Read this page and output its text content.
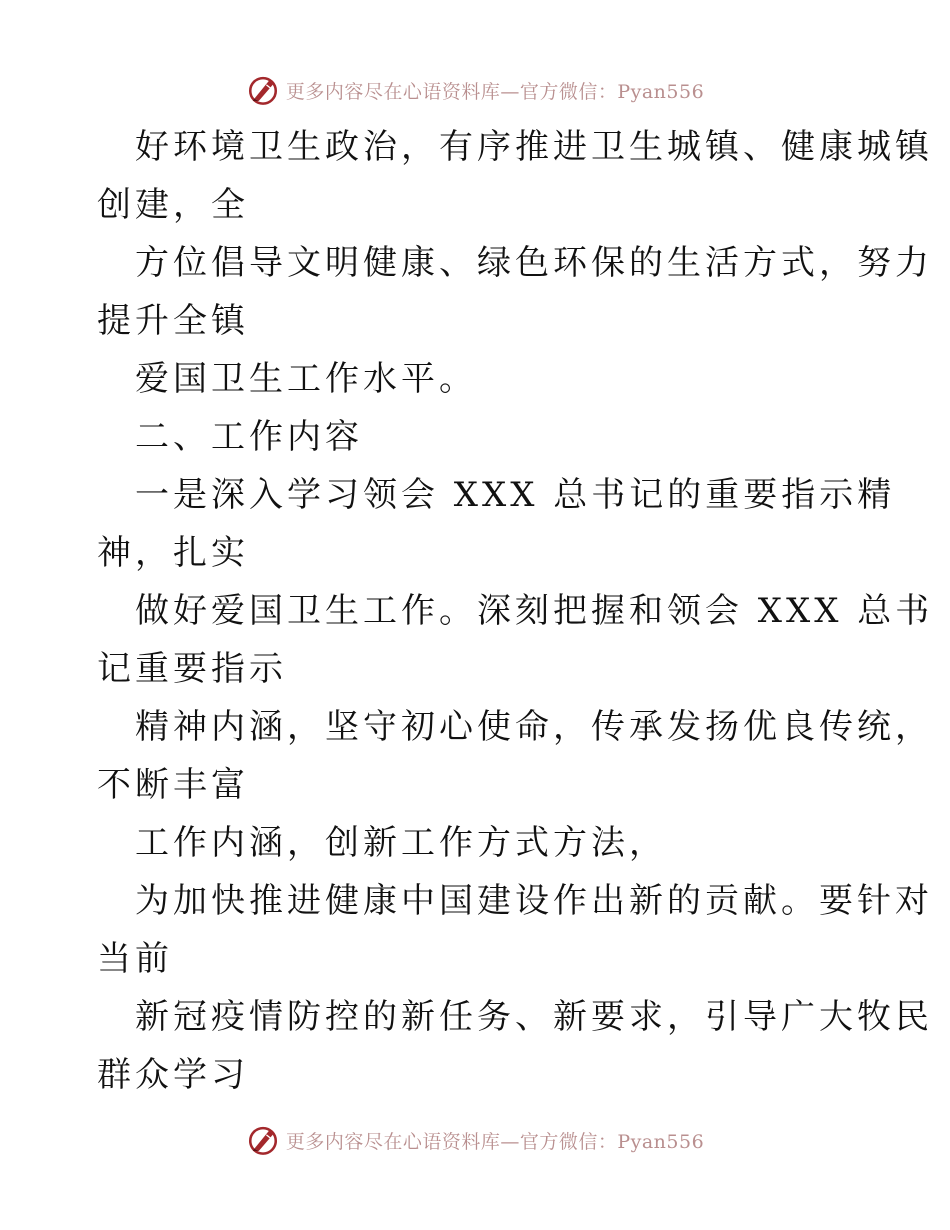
更多内容尽在心语资料库—官方微信：Pyan556
好环境卫生政治，有序推进卫生城镇、健康城镇
创建，全
方位倡导文明健康、绿色环保的生活方式，努力
提升全镇
爱国卫生工作水平。
二、工作内容
一是深入学习领会 XXX 总书记的重要指示精
神，扎实
做好爱国卫生工作。深刻把握和领会 XXX 总书
记重要指示
精神内涵，坚守初心使命，传承发扬优良传统，
不断丰富
工作内涵，创新工作方式方法，
为加快推进健康中国建设作出新的贡献。要针对
当前
新冠疫情防控的新任务、新要求，引导广大牧民
群众学习
更多内容尽在心语资料库—官方微信：Pyan556
